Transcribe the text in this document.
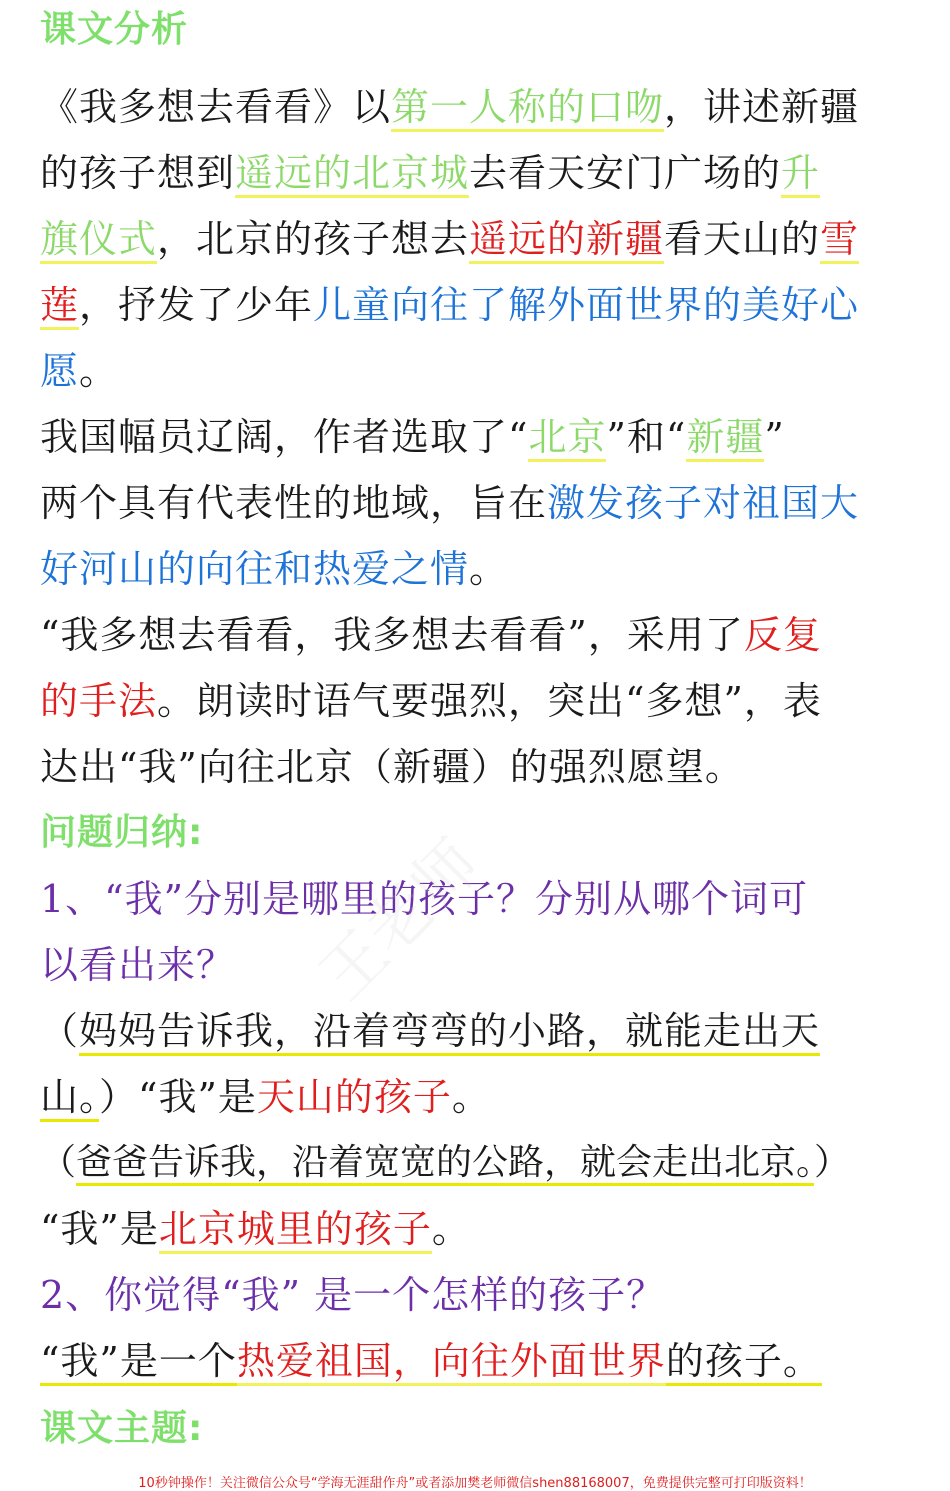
课文分析
《我多想去看看》以第一人称的口吻，讲述新疆
的孩子想到遥远的北京城去看天安门广场的升
旗仪式，北京的孩子想去遥远的新疆看天山的雪
莲，抒发了少年儿童向往了解外面世界的美好心
愿。
我国幅员辽阔，作者选取了“北京”和“新疆”
两个具有代表性的地域，旨在激发孩子对祖国大
好河山的向往和热爱之情。
“我多想去看看，我多想去看看”，采用了反复
的手法。朗读时语气要强烈，突出“多想”，表
达出“我”向往北京（新疆）的强烈愿望。
问题归纳:
1、“我”分别是哪里的孩子？分别从哪个词可
以看出来？
（妈妈告诉我，沿着弯弯的小路，就能走出天
山。）“我”是天山的孩子。
（爸爸告诉我，沿着宽宽的公路，就会走出北京。）
“我”是北京城里的孩子。
2、你觉得“我” 是一个怎样的孩子？
“我”是一个热爱祖国，向往外面世界的孩子。
课文主题:
王老师
10秒钟操作！关注微信公众号“学海无涯甜作舟”或者添加樊老师微信shen88168007，免费提供完整可打印版资料！
